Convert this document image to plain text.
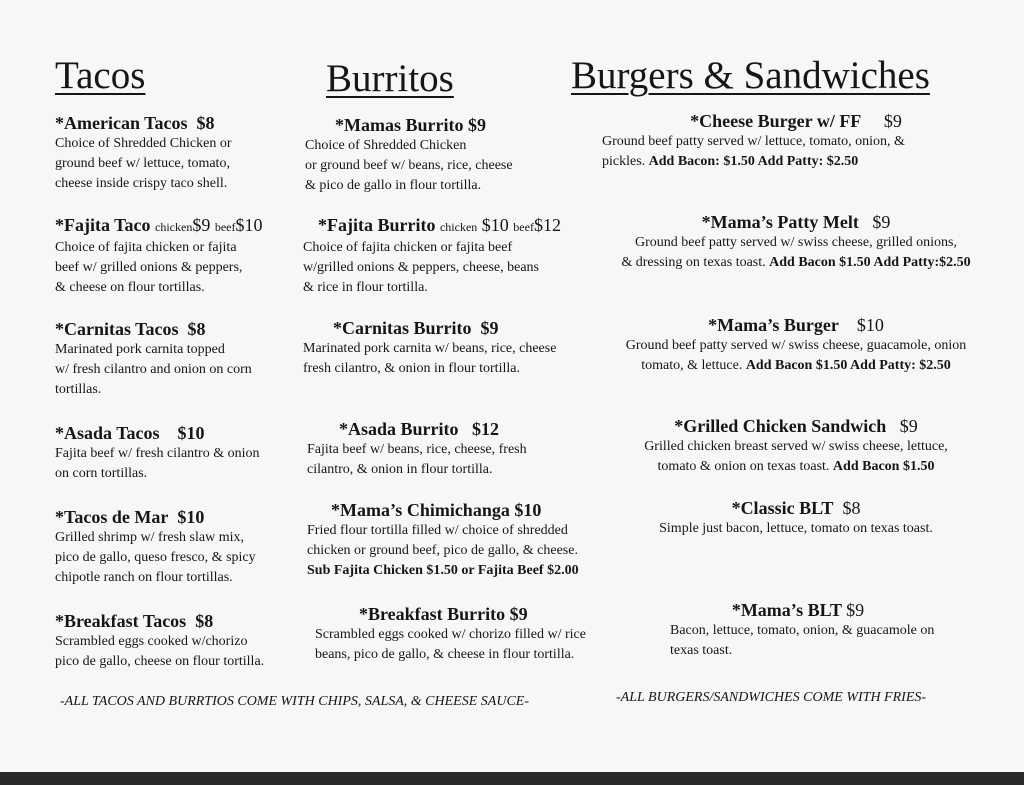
Tacos	Burritos	Burgers & Sandwiches
*American Tacos $8
Choice of Shredded Chicken or
ground beef w/ lettuce, tomato,
cheese inside crispy taco shell.
*Fajita Taco chicken$9 beef$10
Choice of fajita chicken or fajita
beef w/ grilled onions & peppers,
& cheese on flour tortillas.
*Carnitas Tacos $8
Marinated pork carnita topped
w/ fresh cilantro and onion on corn
tortillas.
*Asada Tacos $10
Fajita beef w/ fresh cilantro & onion
on corn tortillas.
*Tacos de Mar $10
Grilled shrimp w/ fresh slaw mix,
pico de gallo, queso fresco, & spicy
chipotle ranch on flour tortillas.
*Breakfast Tacos $8
Scrambled eggs cooked w/chorizo
pico de gallo, cheese on flour tortilla.
*Mamas Burrito $9
Choice of Shredded Chicken
or ground beef w/ beans, rice, cheese
& pico de gallo in flour tortilla.
*Fajita Burrito chicken $10 beef$12
Choice of fajita chicken or fajita beef
w/grilled onions & peppers, cheese, beans
& rice in flour tortilla.
*Carnitas Burrito $9
Marinated pork carnita w/ beans, rice, cheese
fresh cilantro, & onion in flour tortilla.
*Asada Burrito $12
Fajita beef w/ beans, rice, cheese, fresh
cilantro, & onion in flour tortilla.
*Mama’s Chimichanga $10
Fried flour tortilla filled w/ choice of shredded
chicken or ground beef, pico de gallo, & cheese.
Sub Fajita Chicken $1.50 or Fajita Beef $2.00
*Breakfast Burrito $9
Scrambled eggs cooked w/ chorizo filled w/ rice
beans, pico de gallo, & cheese in flour tortilla.
*Cheese Burger w/ FF $9
Ground beef patty served w/ lettuce, tomato, onion, &
pickles. Add Bacon: $1.50 Add Patty: $2.50
*Mama’s Patty Melt $9
Ground beef patty served w/ swiss cheese, grilled onions,
& dressing on texas toast. Add Bacon $1.50 Add Patty:$2.50
*Mama’s Burger $10
Ground beef patty served w/ swiss cheese, guacamole, onion
tomato, & lettuce. Add Bacon $1.50 Add Patty: $2.50
*Grilled Chicken Sandwich $9
Grilled chicken breast served w/ swiss cheese, lettuce,
tomato & onion on texas toast. Add Bacon $1.50
*Classic BLT $8
Simple just bacon, lettuce, tomato on texas toast.
*Mama’s BLT $9
Bacon, lettuce, tomato, onion, & guacamole on
texas toast.
-ALL TACOS AND BURRTIOS COME WITH CHIPS, SALSA, & CHEESE SAUCE-	-ALL BURGERS/SANDWICHES COME WITH FRIES-
